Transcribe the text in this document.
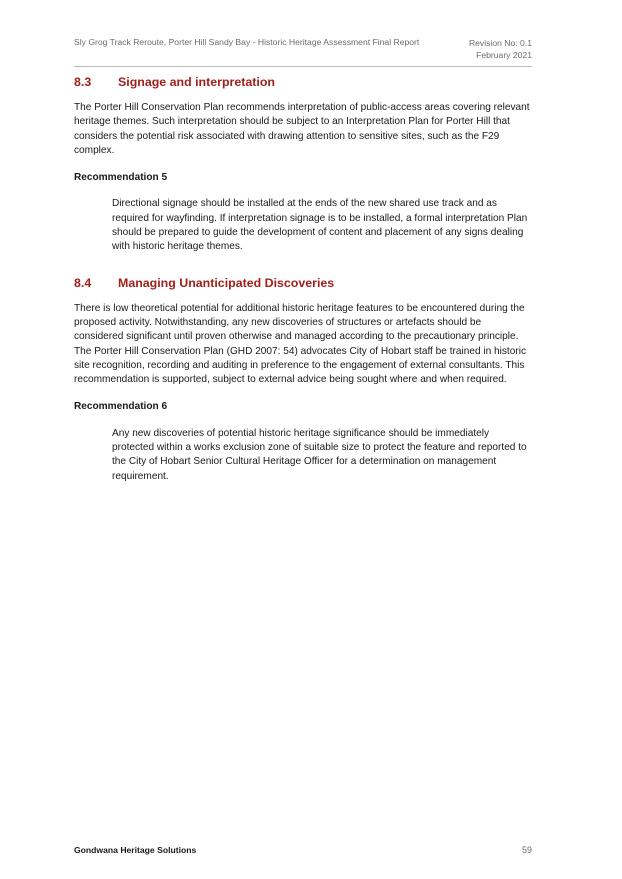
Sly Grog Track Reroute, Porter Hill Sandy Bay - Historic Heritage Assessment Final Report	Revision No: 0.1
February 2021
8.3	Signage and interpretation

The Porter Hill Conservation Plan recommends interpretation of public-access areas covering relevant heritage themes. Such interpretation should be subject to an Interpretation Plan for Porter Hill that considers the potential risk associated with drawing attention to sensitive sites, such as the F29 complex.

Recommendation 5

Directional signage should be installed at the ends of the new shared use track and as required for wayfinding. If interpretation signage is to be installed, a formal interpretation Plan should be prepared to guide the development of content and placement of any signs dealing with historic heritage themes.

8.4	Managing Unanticipated Discoveries

There is low theoretical potential for additional historic heritage features to be encountered during the proposed activity. Notwithstanding, any new discoveries of structures or artefacts should be considered significant until proven otherwise and managed according to the precautionary principle. The Porter Hill Conservation Plan (GHD 2007: 54) advocates City of Hobart staff be trained in historic site recognition, recording and auditing in preference to the engagement of external consultants. This recommendation is supported, subject to external advice being sought where and when required.

Recommendation 6

Any new discoveries of potential historic heritage significance should be immediately protected within a works exclusion zone of suitable size to protect the feature and reported to the City of Hobart Senior Cultural Heritage Officer for a determination on management requirement.

Gondwana Heritage Solutions	59
